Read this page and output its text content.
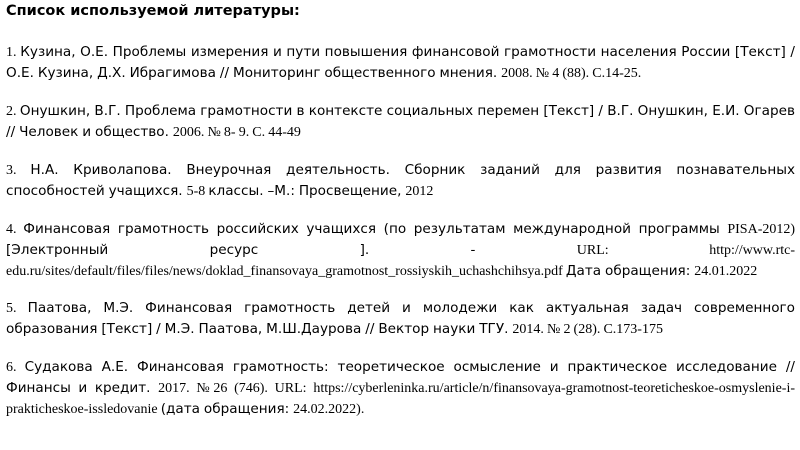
Список используемой литературы:

1. Кузина, О.Е. Проблемы измерения и пути повышения финансовой грамотности населения России [Текст] / О.Е. Кузина, Д.Х. Ибрагимова // Мониторинг общественного мнения. 2008. № 4 (88). С.14-25.

2. Онушкин, В.Г. Проблема грамотности в контексте социальных перемен [Текст] / В.Г. Онушкин, Е.И. Огарев // Человек и общество. 2006. № 8- 9. С. 44-49

3. Н.А. Криволапова. Внеурочная деятельность. Сборник заданий для развития познавательных способностей учащихся. 5-8 классы. –М.: Просвещение, 2012

4. Финансовая грамотность российских учащихся (по результатам международной программы PISA-2012) [Электронный ресурс ]. - URL: http://www.rtc-edu.ru/sites/default/files/files/news/doklad_finansovaya_gramotnost_rossiyskih_uchashchihsya.pdf Дата обращения: 24.01.2022

5. Паатова, М.Э. Финансовая грамотность детей и молодежи как актуальная задач современного образования [Текст] / М.Э. Паатова, М.Ш.Даурова // Вектор науки ТГУ. 2014. № 2 (28). С.173-175

6. Судакова А.Е. Финансовая грамотность: теоретическое осмысление и практическое исследование // Финансы и кредит. 2017. №26 (746). URL: https://cyberleninka.ru/article/n/finansovaya-gramotnost-teoreticheskoe-osmyslenie-i-prakticheskoe-issledovanie (дата обращения: 24.02.2022).
